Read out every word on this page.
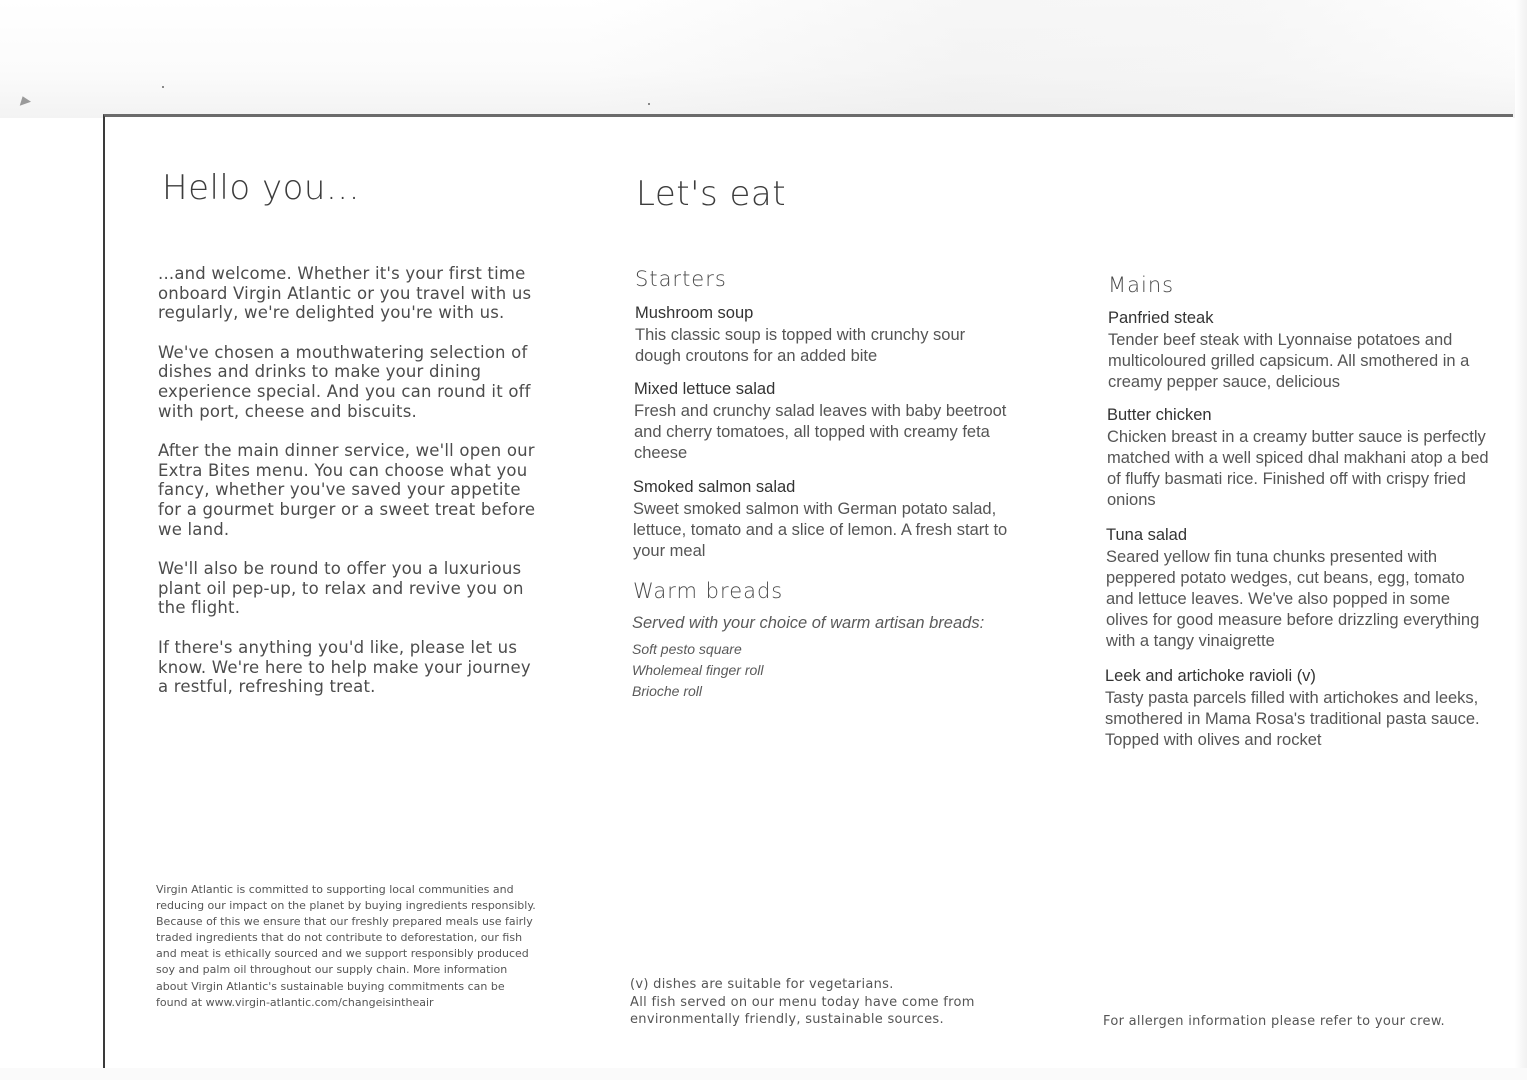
Hello you...

...and welcome. Whether it's your first time onboard Virgin Atlantic or you travel with us regularly, we're delighted you're with us.

We've chosen a mouthwatering selection of dishes and drinks to make your dining experience special. And you can round it off with port, cheese and biscuits.

After the main dinner service, we'll open our Extra Bites menu. You can choose what you fancy, whether you've saved your appetite for a gourmet burger or a sweet treat before we land.

We'll also be round to offer you a luxurious plant oil pep-up, to relax and revive you on the flight.

If there's anything you'd like, please let us know. We're here to help make your journey a restful, refreshing treat.

Virgin Atlantic is committed to supporting local communities and reducing our impact on the planet by buying ingredients responsibly. Because of this we ensure that our freshly prepared meals use fairly traded ingredients that do not contribute to deforestation, our fish and meat is ethically sourced and we support responsibly produced soy and palm oil throughout our supply chain. More information about Virgin Atlantic's sustainable buying commitments can be found at www.virgin-atlantic.com/changeisintheair

Let's eat
Starters
Mushroom soup
This classic soup is topped with crunchy sour dough croutons for an added bite
Mixed lettuce salad
Fresh and crunchy salad leaves with baby beetroot and cherry tomatoes, all topped with creamy feta cheese
Smoked salmon salad
Sweet smoked salmon with German potato salad, lettuce, tomato and a slice of lemon. A fresh start to your meal
Warm breads
Served with your choice of warm artisan breads:
Soft pesto square
Wholemeal finger roll
Brioche roll
(v) dishes are suitable for vegetarians.
All fish served on our menu today have come from environmentally friendly, sustainable sources.
Mains
Panfried steak
Tender beef steak with Lyonnaise potatoes and multicoloured grilled capsicum. All smothered in a creamy pepper sauce, delicious
Butter chicken
Chicken breast in a creamy butter sauce is perfectly matched with a well spiced dhal makhani atop a bed of fluffy basmati rice. Finished off with crispy fried onions
Tuna salad
Seared yellow fin tuna chunks presented with peppered potato wedges, cut beans, egg, tomato and lettuce leaves. We've also popped in some olives for good measure before drizzling everything with a tangy vinaigrette
Leek and artichoke ravioli (v)
Tasty pasta parcels filled with artichokes and leeks, smothered in Mama Rosa's traditional pasta sauce. Topped with olives and rocket

For allergen information please refer to your crew.
